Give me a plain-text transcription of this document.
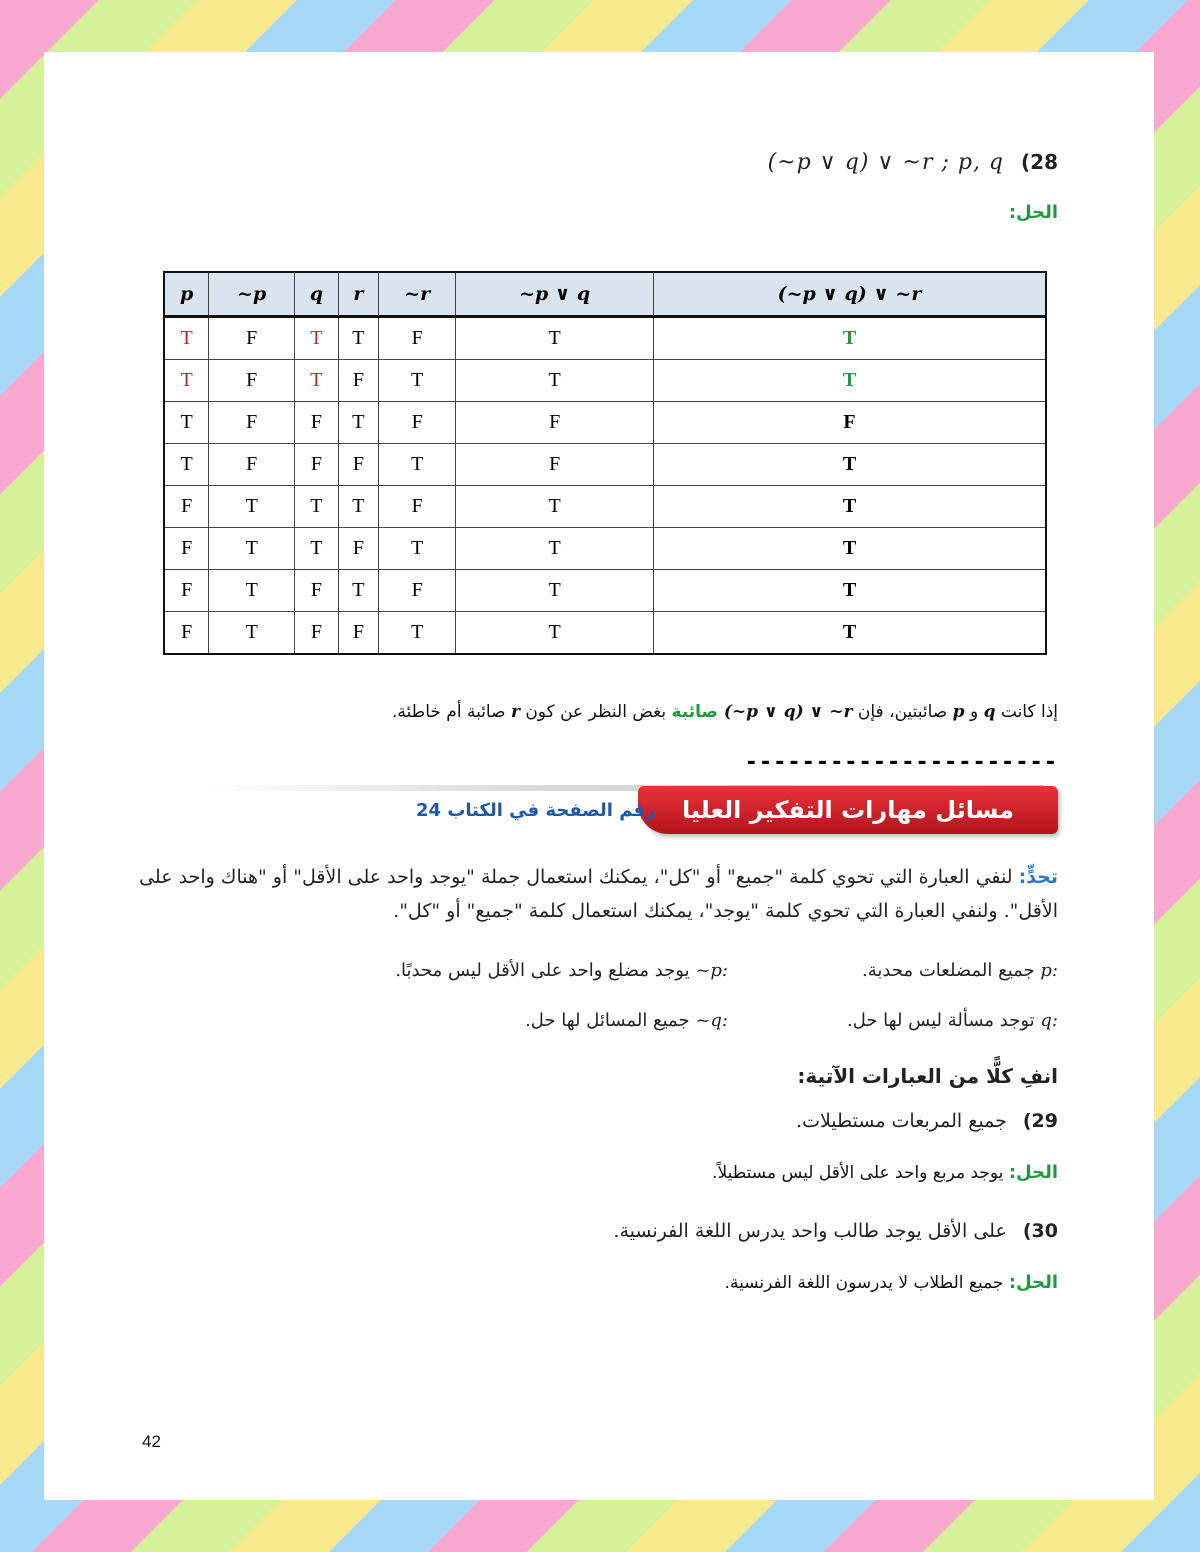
(~p ∨ q) ∨ ~r ; p, q (28
الحل:
p	~p	q	r	~r	~p ∨ q	(~p ∨ q) ∨ ~r
T	F	T	T	F	T	T
T	F	T	F	T	T	T
T	F	F	T	F	F	F
T	F	F	F	T	F	T
F	T	T	T	F	T	T
F	T	T	F	T	T	T
F	T	F	T	F	T	T
F	T	F	F	T	T	T
إذا كانت q و p صائبتين، فإن (~p ∨ q) ∨ ~r صائبة بغض النظر عن كون r صائبة أم خاطئة.
----------------------
مسائل مهارات التفكير العليا
رقم الصفحة في الكتاب 24
تحدٍّ: لنفي العبارة التي تحوي كلمة "جميع" أو "كل"، يمكنك استعمال جملة "يوجد واحد على الأقل" أو "هناك واحد على الأقل". ولنفي العبارة التي تحوي كلمة "يوجد"، يمكنك استعمال كلمة "جميع" أو "كل".
p: جميع المضلعات محدبة.
~p: يوجد مضلع واحد على الأقل ليس محدبًا.
q: توجد مسألة ليس لها حل.
~q: جميع المسائل لها حل.
انفِ كلًّا من العبارات الآتية:
29) جميع المربعات مستطيلات.
الحل: يوجد مربع واحد على الأقل ليس مستطيلاً.
30) على الأقل يوجد طالب واحد يدرس اللغة الفرنسية.
الحل: جميع الطلاب لا يدرسون اللغة الفرنسية.
42
